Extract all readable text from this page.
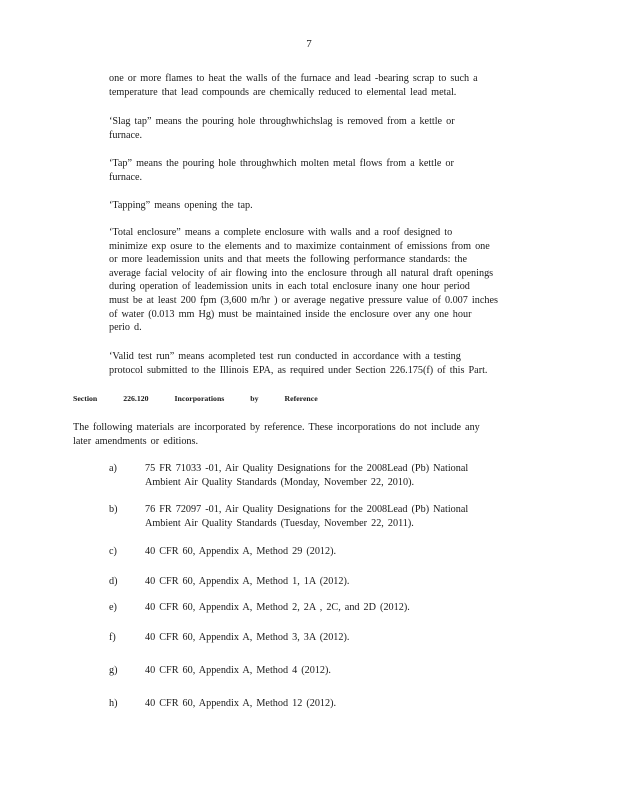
7
one or more flames to heat the walls of the furnace and lead -bearing scrap to such a
temperature that lead compounds are chemically reduced to elemental lead metal.
‘Slag tap” means the pouring hole throughwhichslag is removed from a kettle or
furnace.
‘Tap” means the pouring hole throughwhich molten metal flows from a kettle or
furnace.
‘Tapping” means opening the tap.
‘Total enclosure” means a complete enclosure with walls and a roof designed to
minimize exp osure to the elements and to maximize containment of emissions from one
or more leademission units and that meets the following performance standards: the
average facial velocity of air flowing into the enclosure through all natural draft openings
during operation of leademission units in each total enclosure inany one hour period
must be at least 200 fpm (3,600 m/hr ) or average negative pressure value of 0.007 inches
of water (0.013 mm Hg) must be maintained inside the enclosure over any one hour
perio d.
‘Valid test run” means acompleted test run conducted in accordance with a testing
protocol submitted to the Illinois EPA, as required under Section 226.175(f) of this Part.
Section	226.120	Incorporations	by	Reference
The following materials are incorporated by reference. These incorporations do not include any
later amendments or editions.
a)	75 FR 71033 -01, Air Quality Designations for the 2008Lead (Pb) National
Ambient Air Quality Standards (Monday, November 22, 2010).
b)	76 FR 72097 -01, Air Quality Designations for the 2008Lead (Pb) National
Ambient Air Quality Standards (Tuesday, November 22, 2011).
c)	40 CFR 60, Appendix A, Method 29 (2012).
d)	40 CFR 60, Appendix A, Method 1, 1A (2012).
e)	40 CFR 60, Appendix A, Method 2, 2A , 2C, and 2D (2012).
f)	40 CFR 60, Appendix A, Method 3, 3A (2012).
g)	40 CFR 60, Appendix A, Method 4 (2012).
h)	40 CFR 60, Appendix A, Method 12 (2012).
